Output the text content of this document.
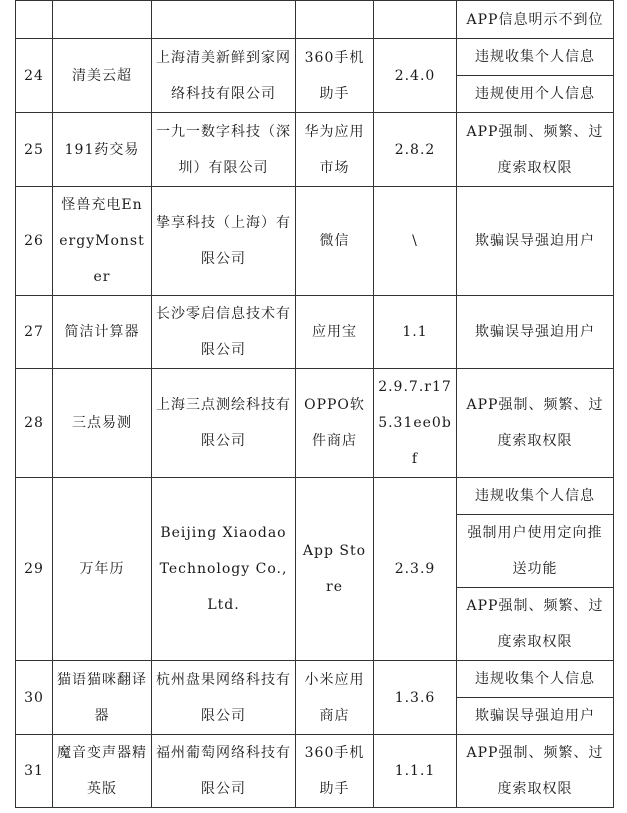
					APP信息明示不到位
24	清美云超	上海清美新鲜到家网络科技有限公司	360手机助手	2.4.0	违规收集个人信息
					违规使用个人信息
25	191药交易	一九一数字科技（深圳）有限公司	华为应用市场	2.8.2	APP强制、频繁、过度索取权限
26	怪兽充电EnergyMonster	挚享科技（上海）有限公司	微信	\	欺骗误导强迫用户
27	简洁计算器	长沙零启信息技术有限公司	应用宝	1.1	欺骗误导强迫用户
28	三点易测	上海三点测绘科技有限公司	OPPO软件商店	2.9.7.r175.31ee0bf	APP强制、频繁、过度索取权限
29	万年历	Beijing Xiaodao Technology Co., Ltd.	App Store	2.3.9	违规收集个人信息
					强制用户使用定向推送功能
					APP强制、频繁、过度索取权限
30	猫语猫咪翻译器	杭州盘果网络科技有限公司	小米应用商店	1.3.6	违规收集个人信息
					欺骗误导强迫用户
31	魔音变声器精英版	福州葡萄网络科技有限公司	360手机助手	1.1.1	APP强制、频繁、过度索取权限
